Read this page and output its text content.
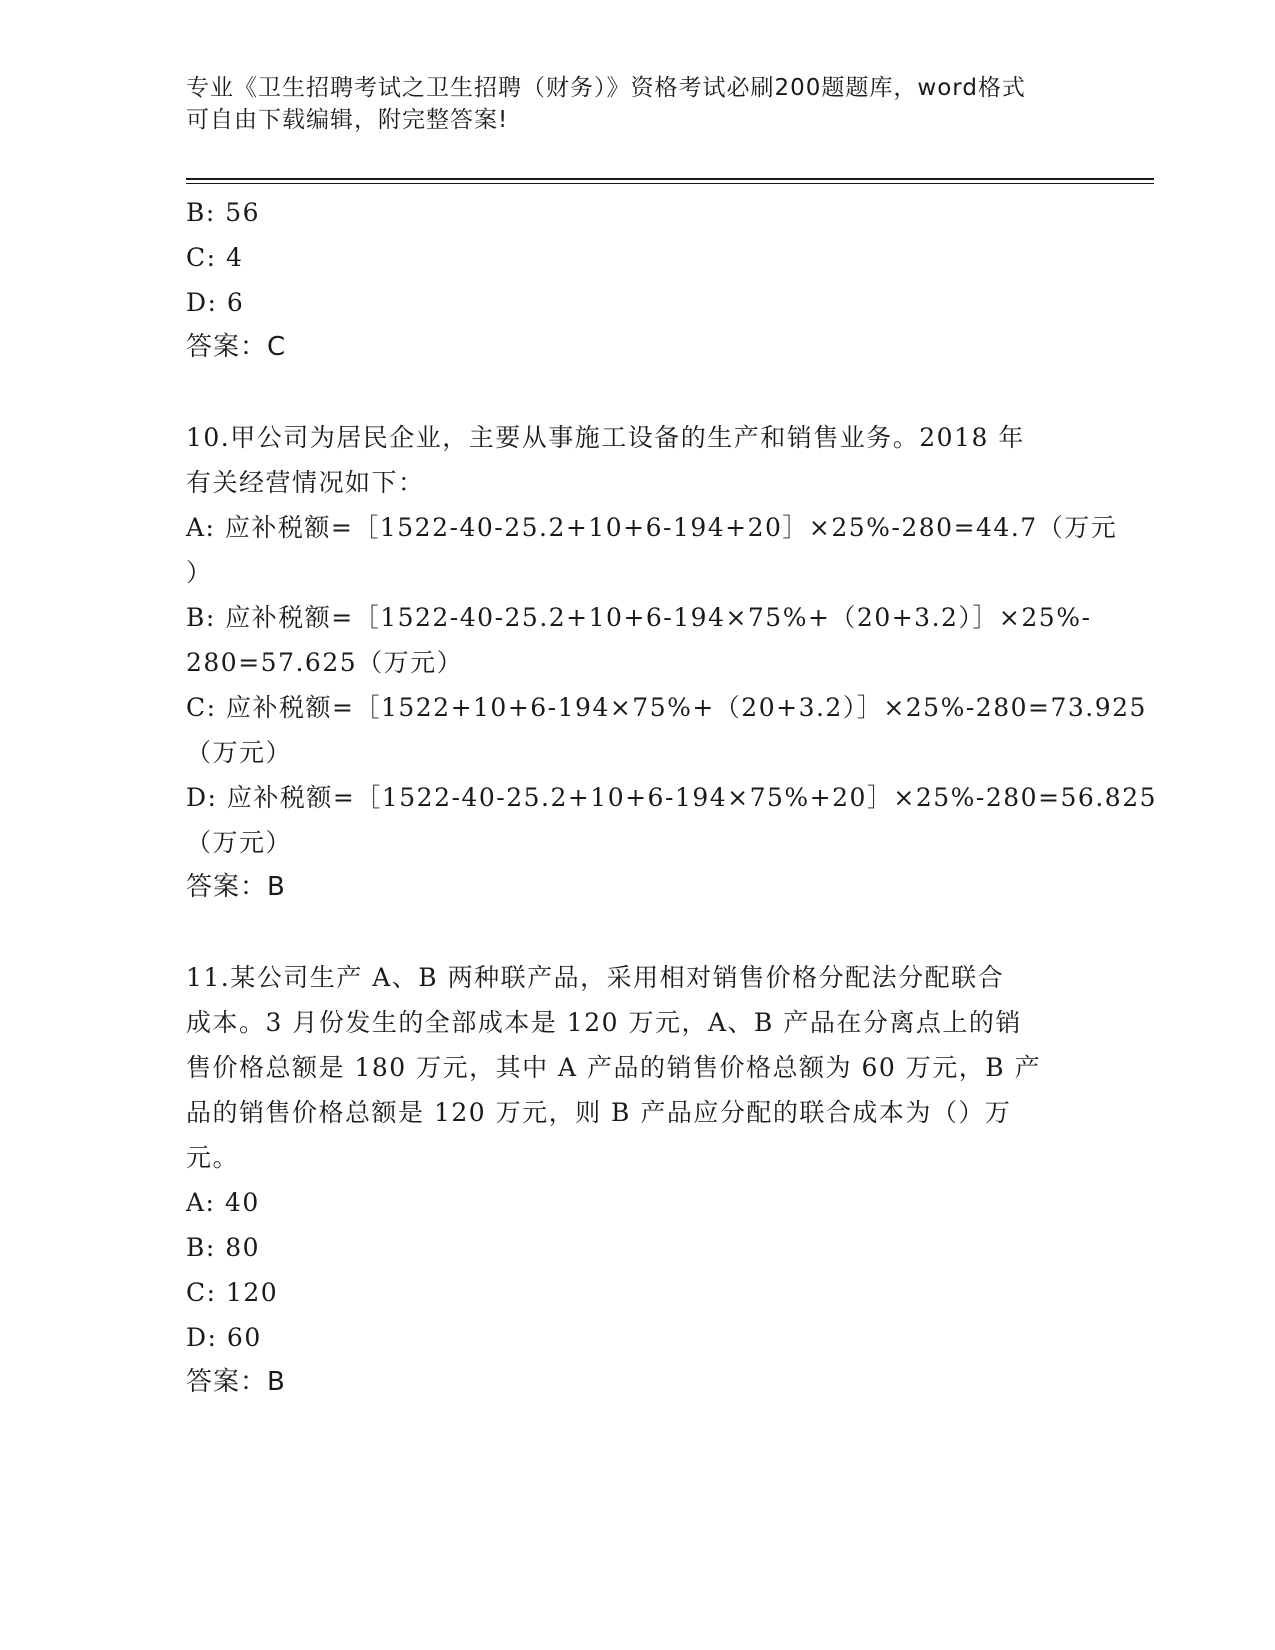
专业《卫生招聘考试之卫生招聘（财务）》资格考试必刷200题题库，word格式
可自由下载编辑，附完整答案!
B: 56
C: 4
D: 6
答案：C
10.甲公司为居民企业，主要从事施工设备的生产和销售业务。2018 年
有关经营情况如下：
A: 应补税额=［1522-40-25.2+10+6-194+20］×25%-280=44.7（万元
）
B: 应补税额=［1522-40-25.2+10+6-194×75%+（20+3.2）］×25%-
280=57.625（万元）
C: 应补税额=［1522+10+6-194×75%+（20+3.2）］×25%-280=73.925
（万元）
D: 应补税额=［1522-40-25.2+10+6-194×75%+20］×25%-280=56.825
（万元）
答案：B
11.某公司生产 A、B 两种联产品，采用相对销售价格分配法分配联合
成本。3 月份发生的全部成本是 120 万元，A、B 产品在分离点上的销
售价格总额是 180 万元，其中 A 产品的销售价格总额为 60 万元，B 产
品的销售价格总额是 120 万元，则 B 产品应分配的联合成本为（）万
元。
A: 40
B: 80
C: 120
D: 60
答案：B
